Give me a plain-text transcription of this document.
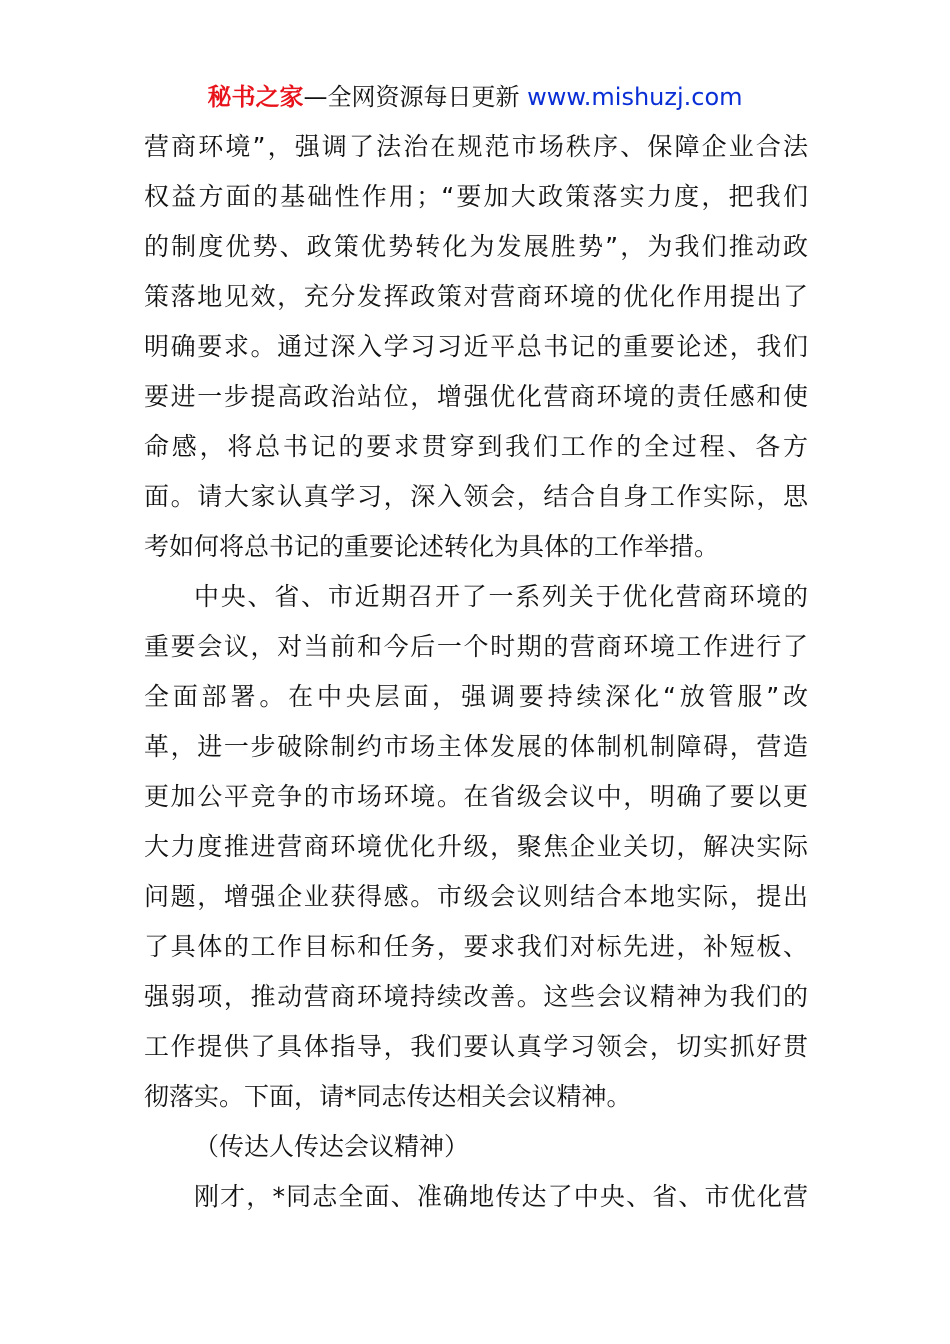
秘书之家—全网资源每日更新 www.mishuzj.com
营商环境”，强调了法治在规范市场秩序、保障企业合法
权益方面的基础性作用；“要加大政策落实力度，把我们
的制度优势、政策优势转化为发展胜势”，为我们推动政
策落地见效，充分发挥政策对营商环境的优化作用提出了
明确要求。通过深入学习习近平总书记的重要论述，我们
要进一步提高政治站位，增强优化营商环境的责任感和使
命感，将总书记的要求贯穿到我们工作的全过程、各方
面。请大家认真学习，深入领会，结合自身工作实际，思
考如何将总书记的重要论述转化为具体的工作举措。
中央、省、市近期召开了一系列关于优化营商环境的
重要会议，对当前和今后一个时期的营商环境工作进行了
全面部署。在中央层面，强调要持续深化“放管服”改
革，进一步破除制约市场主体发展的体制机制障碍，营造
更加公平竞争的市场环境。在省级会议中，明确了要以更
大力度推进营商环境优化升级，聚焦企业关切，解决实际
问题，增强企业获得感。市级会议则结合本地实际，提出
了具体的工作目标和任务，要求我们对标先进，补短板、
强弱项，推动营商环境持续改善。这些会议精神为我们的
工作提供了具体指导，我们要认真学习领会，切实抓好贯
彻落实。下面，请*同志传达相关会议精神。
（传达人传达会议精神）
刚才，*同志全面、准确地传达了中央、省、市优化营
